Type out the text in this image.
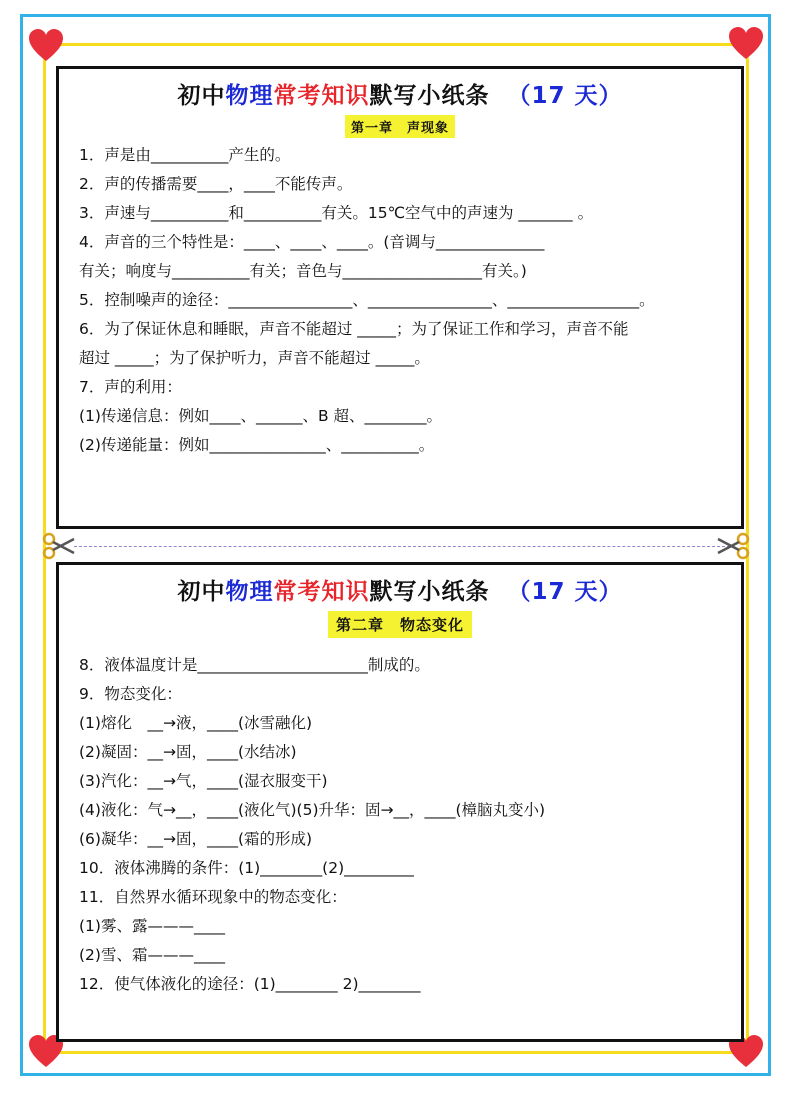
初中物理常考知识默写小纸条 （17 天）
第一章　声现象
1．声是由__________产生的。
2．声的传播需要____，____不能传声。
3．声速与__________和__________有关。15℃空气中的声速为 _______ 。
4．声音的三个特性是：____、____、____。(音调与______________
有关；响度与__________有关；音色与__________________有关。)
5．控制噪声的途径：________________、________________、_________________。
6．为了保证休息和睡眠，声音不能超过 _____；为了保证工作和学习，声音不能
超过 _____；为了保护听力，声音不能超过 _____。
7．声的利用：
(1)传递信息：例如____、______、B 超、________。
(2)传递能量：例如_______________、__________。
初中物理常考知识默写小纸条 （17 天）
第二章　物态变化
8．液体温度计是______________________制成的。
9．物态变化：
(1)熔化　__→液，____(冰雪融化)
(2)凝固：__→固，____(水结冰)
(3)汽化：__→气，____(湿衣服变干)
(4)液化：气→__，____(液化气)(5)升华：固→__，____(樟脑丸变小)
(6)凝华：__→固，____(霜的形成)
10．液体沸腾的条件：(1)________(2)_________
11．自然界水循环现象中的物态变化：
(1)雾、露———____
(2)雪、霜———____
12．使气体液化的途径：(1)________ 2)________
